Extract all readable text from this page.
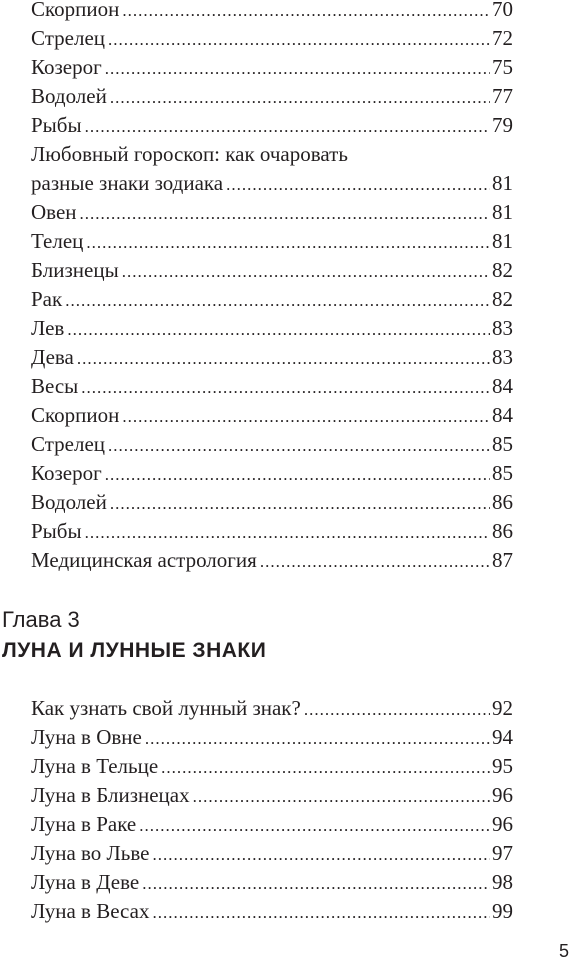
Скорпион .....	70
Стрелец .....	72
Козерог .....	75
Водолей .....	77
Рыбы .....	79
Любовный гороскоп: как очаровать
разные знаки зодиака .....	81
Овен .....	81
Телец .....	81
Близнецы .....	82
Рак .....	82
Лев .....	83
Дева .....	83
Весы .....	84
Скорпион .....	84
Стрелец .....	85
Козерог .....	85
Водолей .....	86
Рыбы .....	86
Медицинская астрология .....	87
Глава 3
ЛУНА И ЛУННЫЕ ЗНАКИ
Как узнать свой лунный знак? .....	92
Луна в Овне .....	94
Луна в Тельце .....	95
Луна в Близнецах .....	96
Луна в Раке .....	96
Луна во Льве .....	97
Луна в Деве .....	98
Луна в Весах .....	99
5
